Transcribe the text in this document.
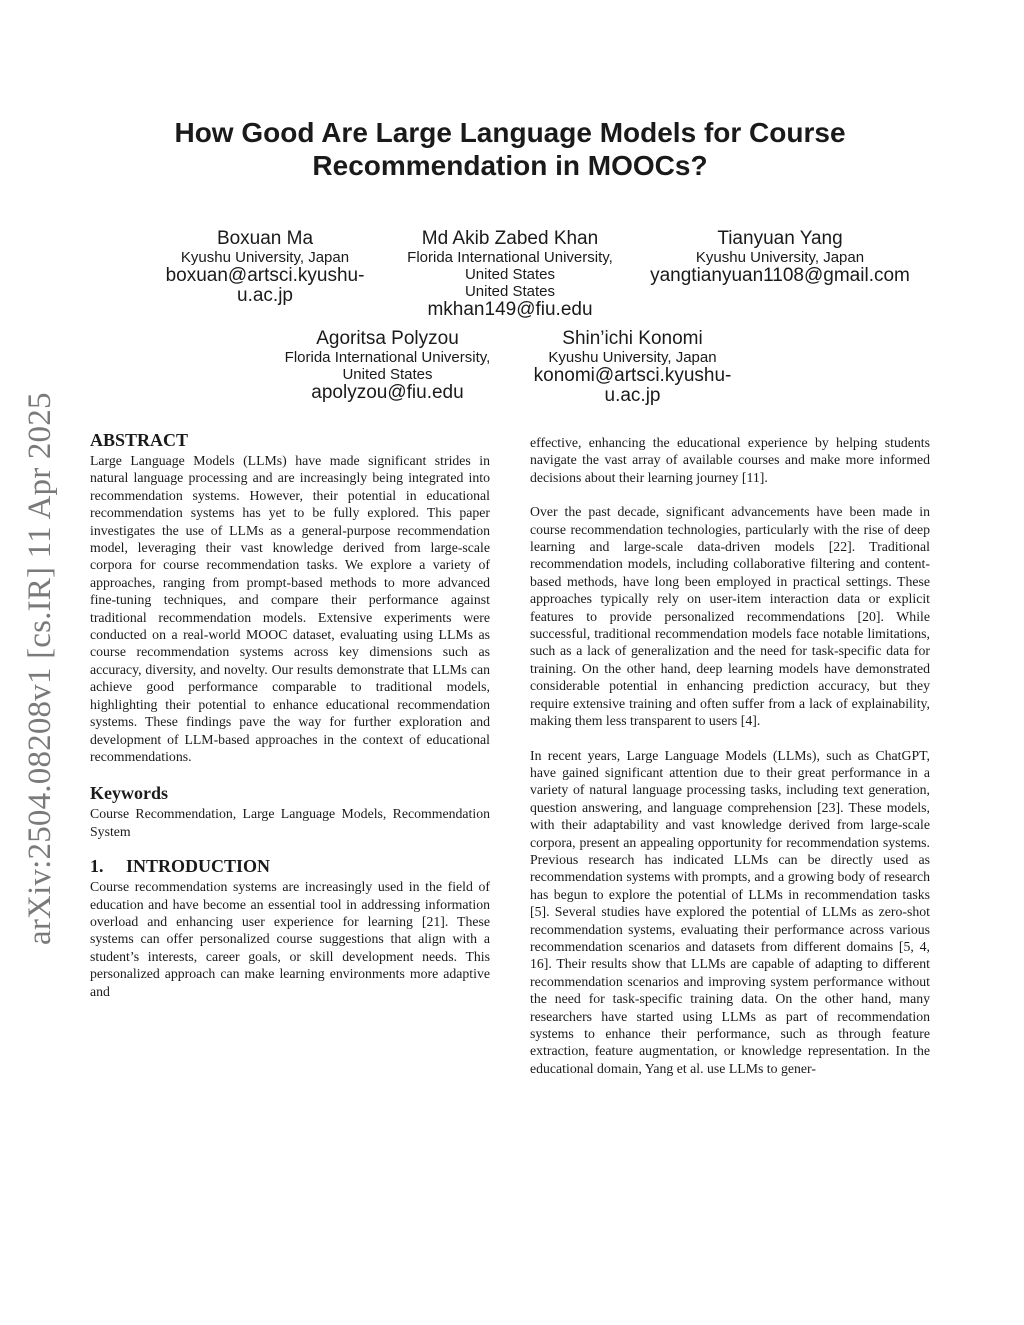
arXiv:2504.08208v1 [cs.IR] 11 Apr 2025
How Good Are Large Language Models for Course Recommendation in MOOCs?
Boxuan Ma
Kyushu University, Japan
boxuan@artsci.kyushu-u.ac.jp
Md Akib Zabed Khan
Florida International University, United States
United States
mkhan149@fiu.edu
Tianyuan Yang
Kyushu University, Japan
yangtianyuan1108@gmail.com
Agoritsa Polyzou
Florida International University, United States
apolyzou@fiu.edu
Shin’ichi Konomi
Kyushu University, Japan
konomi@artsci.kyushu-u.ac.jp
ABSTRACT

Large Language Models (LLMs) have made significant strides in natural language processing and are increasingly being integrated into recommendation systems. However, their potential in educational recommendation systems has yet to be fully explored. This paper investigates the use of LLMs as a general-purpose recommendation model, leveraging their vast knowledge derived from large-scale corpora for course recommendation tasks. We explore a variety of approaches, ranging from prompt-based methods to more advanced fine-tuning techniques, and compare their performance against traditional recommendation models. Extensive experiments were conducted on a real-world MOOC dataset, evaluating using LLMs as course recommendation systems across key dimensions such as accuracy, diversity, and novelty. Our results demonstrate that LLMs can achieve good performance comparable to traditional models, highlighting their potential to enhance educational recommendation systems. These findings pave the way for further exploration and development of LLM-based approaches in the context of educational recommendations.

Keywords

Course Recommendation, Large Language Models, Recommendation System

1. INTRODUCTION

Course recommendation systems are increasingly used in the field of education and have become an essential tool in addressing information overload and enhancing user experience for learning [21]. These systems can offer personalized course suggestions that align with a student’s interests, career goals, or skill development needs. This personalized approach can make learning environments more adaptive and

effective, enhancing the educational experience by helping students navigate the vast array of available courses and make more informed decisions about their learning journey [11].

Over the past decade, significant advancements have been made in course recommendation technologies, particularly with the rise of deep learning and large-scale data-driven models [22]. Traditional recommendation models, including collaborative filtering and content-based methods, have long been employed in practical settings. These approaches typically rely on user-item interaction data or explicit features to provide personalized recommendations [20]. While successful, traditional recommendation models face notable limitations, such as a lack of generalization and the need for task-specific data for training. On the other hand, deep learning models have demonstrated considerable potential in enhancing prediction accuracy, but they require extensive training and often suffer from a lack of explainability, making them less transparent to users [4].

In recent years, Large Language Models (LLMs), such as ChatGPT, have gained significant attention due to their great performance in a variety of natural language processing tasks, including text generation, question answering, and language comprehension [23]. These models, with their adaptability and vast knowledge derived from large-scale corpora, present an appealing opportunity for recommendation systems. Previous research has indicated LLMs can be directly used as recommendation systems with prompts, and a growing body of research has begun to explore the potential of LLMs in recommendation tasks [5]. Several studies have explored the potential of LLMs as zero-shot recommendation systems, evaluating their performance across various recommendation scenarios and datasets from different domains [5, 4, 16]. Their results show that LLMs are capable of adapting to different recommendation scenarios and improving system performance without the need for task-specific training data. On the other hand, many researchers have started using LLMs as part of recommendation systems to enhance their performance, such as through feature extraction, feature augmentation, or knowledge representation. In the educational domain, Yang et al. use LLMs to gener-
